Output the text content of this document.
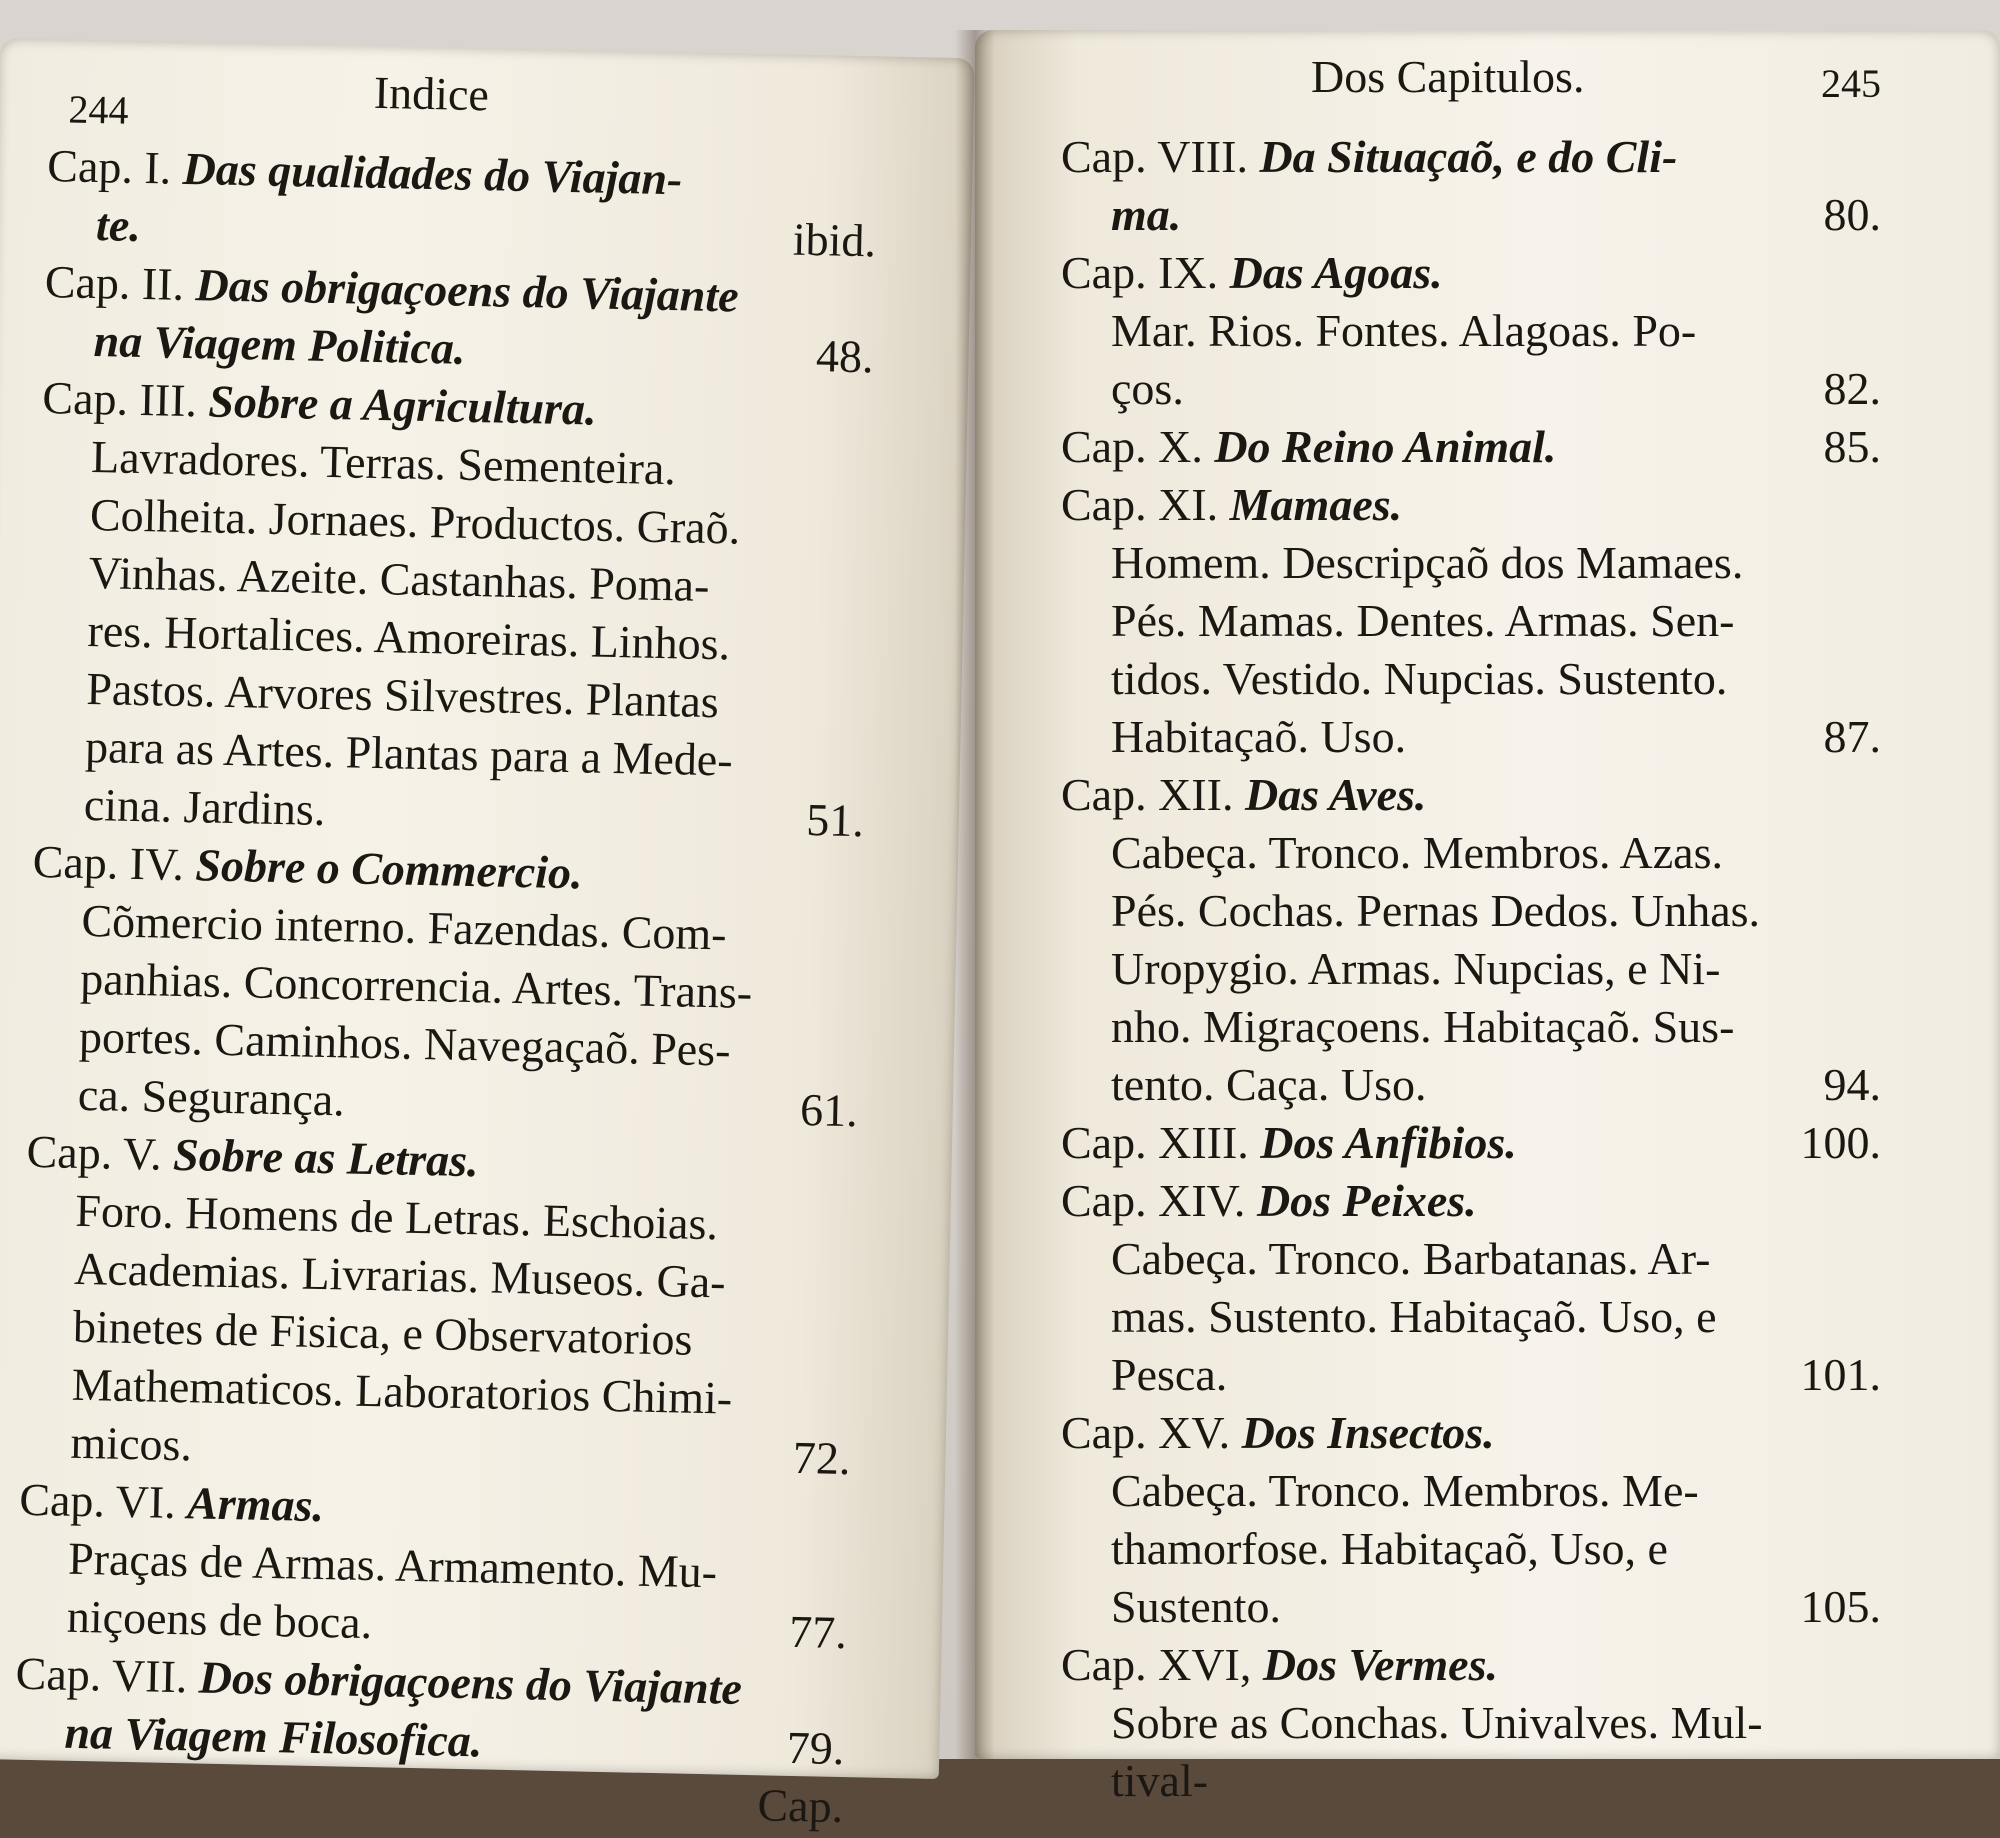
244	Indice
Cap. I. Das qualidades do Viajan-
te.	ibid.
Cap. II. Das obrigaçoens do Viajante
na Viagem Politica.	48.
Cap. III. Sobre a Agricultura.
Lavradores. Terras. Sementeira.
Colheita. Jornaes. Productos. Graõ.
Vinhas. Azeite. Castanhas. Poma-
res. Hortalices. Amoreiras. Linhos.
Pastos. Arvores Silvestres. Plantas
para as Artes. Plantas para a Mede-
cina. Jardins.	51.
Cap. IV. Sobre o Commercio.
Cõmercio interno. Fazendas. Com-
panhias. Concorrencia. Artes. Trans-
portes. Caminhos. Navegaçaõ. Pes-
ca. Segurança.	61.
Cap. V. Sobre as Letras.
Foro. Homens de Letras. Eschoias.
Academias. Livrarias. Museos. Ga-
binetes de Fisica, e Observatorios
Mathematicos. Laboratorios Chimi-
micos.	72.
Cap. VI. Armas.
Praças de Armas. Armamento. Mu-
niçoens de boca.	77.
Cap. VII. Dos obrigaçoens do Viajante
na Viagem Filosofica.	79.
Cap.
Dos Capitulos.	245
Cap. VIII. Da Situaçaõ, e do Cli-
ma.	80.
Cap. IX. Das Agoas.
Mar. Rios. Fontes. Alagoas. Po-
ços.	82.
Cap. X. Do Reino Animal.	85.
Cap. XI. Mamaes.
Homem. Descripçaõ dos Mamaes.
Pés. Mamas. Dentes. Armas. Sen-
tidos. Vestido. Nupcias. Sustento.
Habitaçaõ. Uso.	87.
Cap. XII. Das Aves.
Cabeça. Tronco. Membros. Azas.
Pés. Cochas. Pernas Dedos. Unhas.
Uropygio. Armas. Nupcias, e Ni-
nho. Migraçoens. Habitaçaõ. Sus-
tento. Caça. Uso.	94.
Cap. XIII. Dos Anfibios.	100.
Cap. XIV. Dos Peixes.
Cabeça. Tronco. Barbatanas. Ar-
mas. Sustento. Habitaçaõ. Uso, e
Pesca.	101.
Cap. XV. Dos Insectos.
Cabeça. Tronco. Membros. Me-
thamorfose. Habitaçaõ, Uso, e
Sustento.	105.
Cap. XVI, Dos Vermes.
Sobre as Conchas. Univalves. Mul-
tival-
